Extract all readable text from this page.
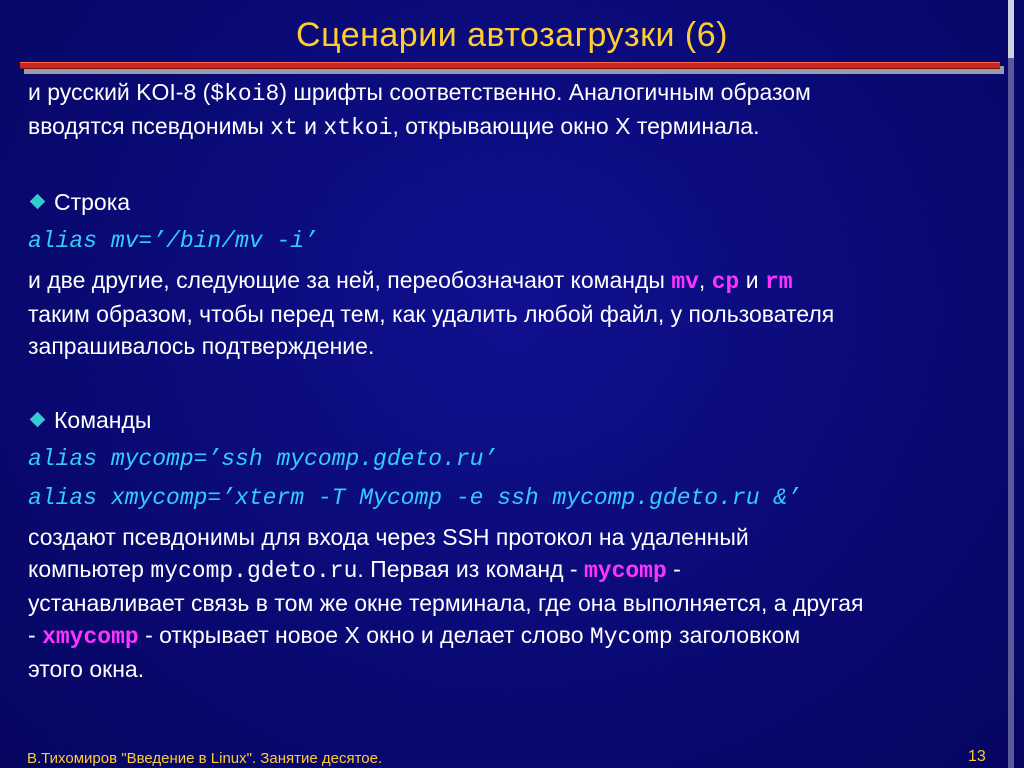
Сценарии автозагрузки (6)

и русский KOI-8 ($koi8) шрифты соответственно. Аналогичным образом
вводятся псевдонимы xt и xtkoi, открывающие окно X терминала.

Строка
alias mv=’/bin/mv -i’

и две другие, следующие за ней, переобозначают команды mv, cp и rm
таким образом, чтобы перед тем, как удалить любой файл, у пользователя
запрашивалось подтверждение.

Команды
alias mycomp=’ssh mycomp.gdeto.ru’
alias xmycomp=’xterm -T Mycomp -e ssh mycomp.gdeto.ru &’

создают псевдонимы для входа через SSH протокол на удаленный
компьютер mycomp.gdeto.ru. Первая из команд - mycomp -
устанавливает связь в том же окне терминала, где она выполняется, а другая
- xmycomp - открывает новое X окно и делает слово Mycomp заголовком
этого окна.

В.Тихомиров "Введение в Linux". Занятие десятое.	13
